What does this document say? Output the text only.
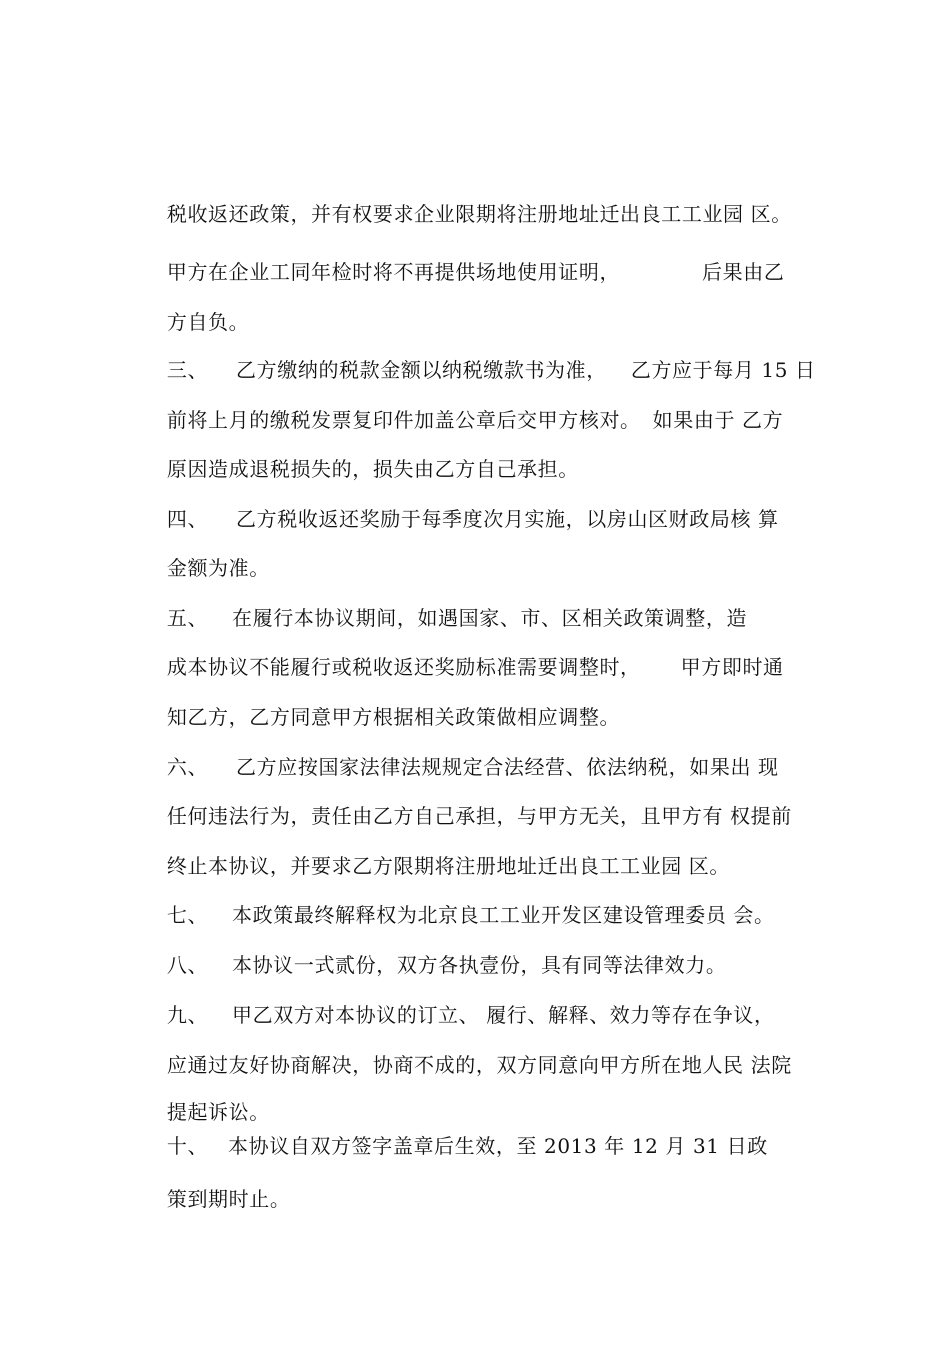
税收返还政策，并有权要求企业限期将注册地址迁出良工工业园 区。

甲方在企业工同年检时将不再提供场地使用证明，	后果由乙

方自负。

三、 乙方缴纳的税款金额以纳税缴款书为准， 乙方应于每月 15 日

前将上月的缴税发票复印件加盖公章后交甲方核对。 如果由于 乙方

原因造成退税损失的，损失由乙方自己承担。

四、 乙方税收返还奖励于每季度次月实施，以房山区财政局核 算

金额为准。

五、 在履行本协议期间，如遇国家、市、区相关政策调整，造

成本协议不能履行或税收返还奖励标准需要调整时， 甲方即时通

知乙方，乙方同意甲方根据相关政策做相应调整。

六、 乙方应按国家法律法规规定合法经营、依法纳税，如果出 现

任何违法行为，责任由乙方自己承担，与甲方无关，且甲方有 权提前

终止本协议，并要求乙方限期将注册地址迁出良工工业园 区。

七、 本政策最终解释权为北京良工工业开发区建设管理委员 会。

八、 本协议一式贰份，双方各执壹份，具有同等法律效力。

九、 甲乙双方对本协议的订立、 履行、解释、效力等存在争议，

应通过友好协商解决，协商不成的，双方同意向甲方所在地人民 法院

提起诉讼。

十、 本协议自双方签字盖章后生效，至 2013 年 12 月 31 日政

策到期时止。
